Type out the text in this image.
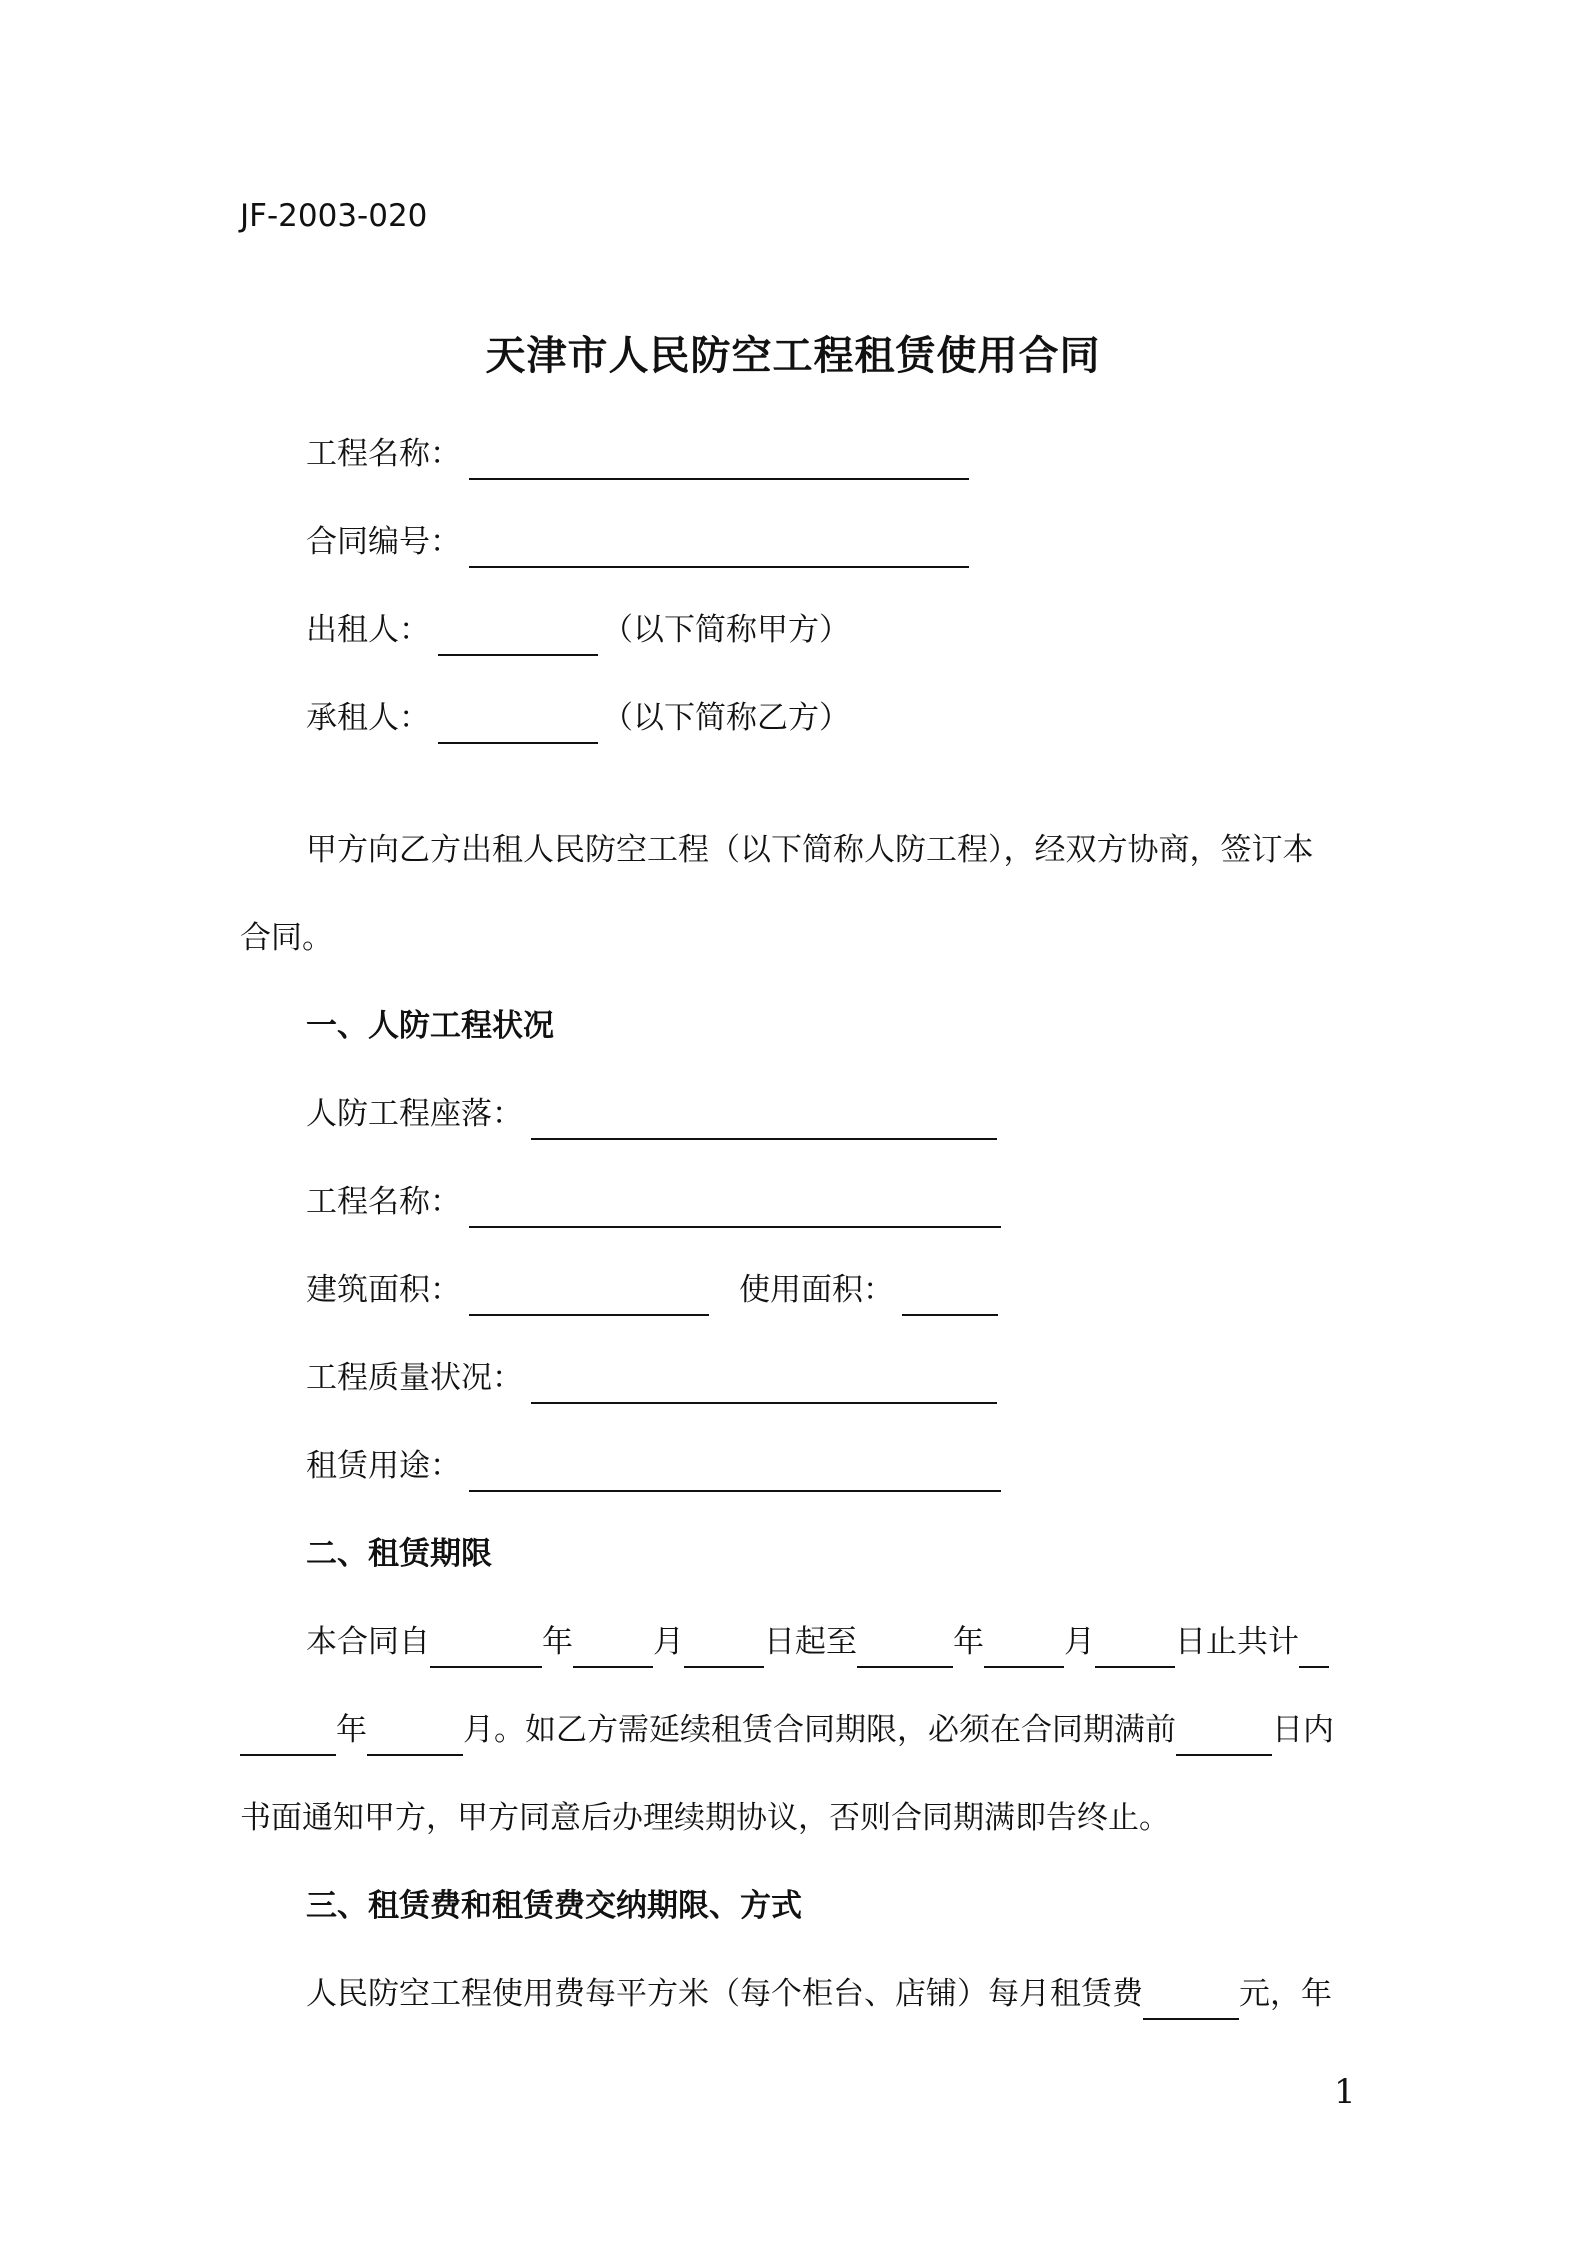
JF-2003-020
天津市人民防空工程租赁使用合同
工程名称：
合同编号：
出租人：	（以下简称甲方）
承租人：	（以下简称乙方）
甲方向乙方出租人民防空工程（以下简称人防工程），经双方协商，签订本
合同。
一、人防工程状况
人防工程座落：
工程名称：
建筑面积：	使用面积：
工程质量状况：
租赁用途：
二、租赁期限
本合同自	年	月	日起至	年	月	日止共计
年	月。如乙方需延续租赁合同期限，必须在合同期满前	日内
书面通知甲方，甲方同意后办理续期协议，否则合同期满即告终止。
三、租赁费和租赁费交纳期限、方式
人民防空工程使用费每平方米（每个柜台、店铺）每月租赁费	元，年
1
